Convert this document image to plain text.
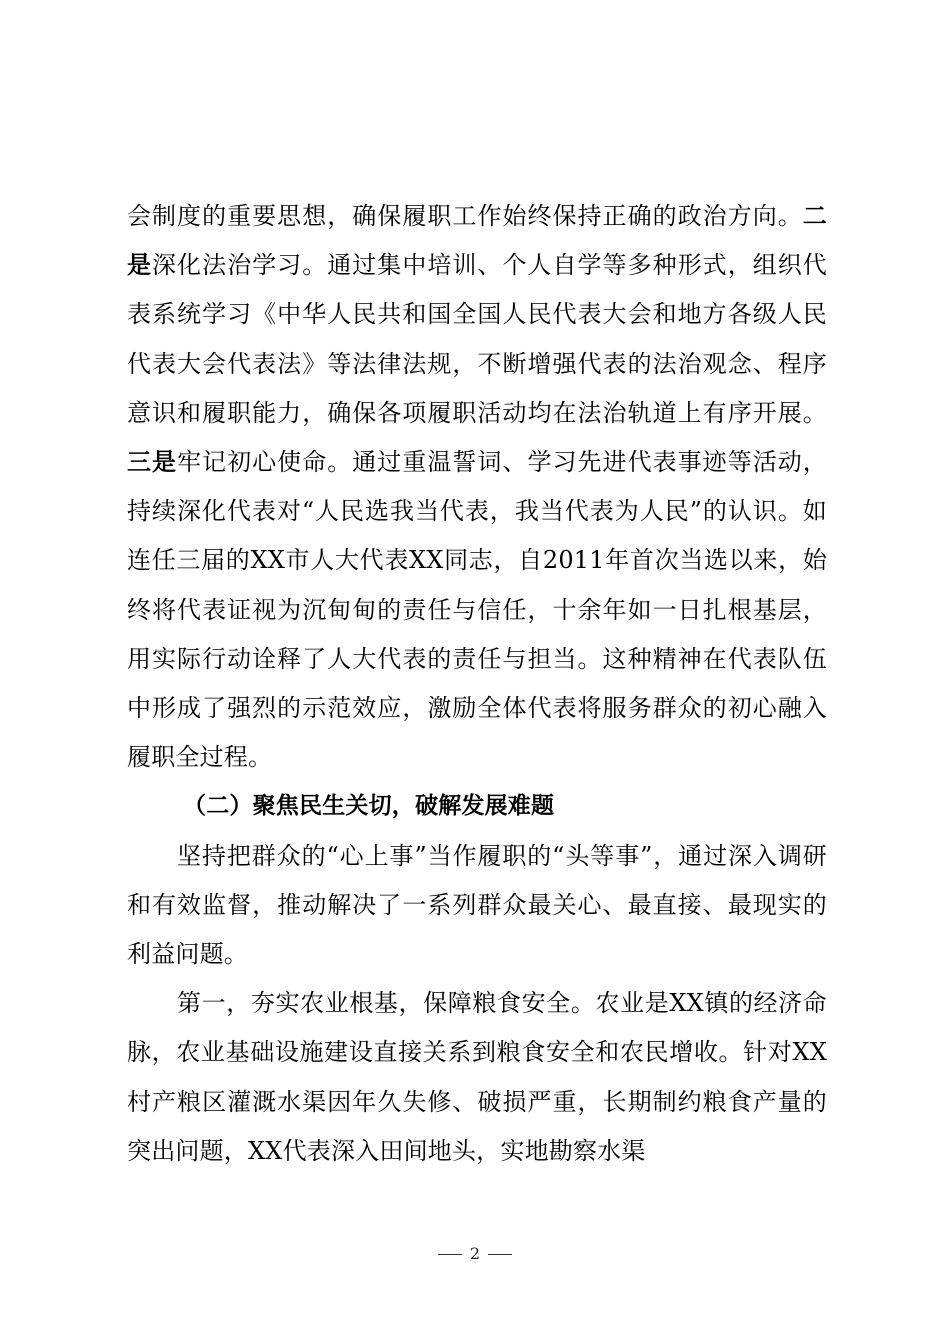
会制度的重要思想，确保履职工作始终保持正确的政治方向。二是深化法治学习。通过集中培训、个人自学等多种形式，组织代表系统学习《中华人民共和国全国人民代表大会和地方各级人民代表大会代表法》等法律法规，不断增强代表的法治观念、程序意识和履职能力，确保各项履职活动均在法治轨道上有序开展。三是牢记初心使命。通过重温誓词、学习先进代表事迹等活动，持续深化代表对“人民选我当代表，我当代表为人民”的认识。如连任三届的XX市人大代表XX同志，自2011年首次当选以来，始终将代表证视为沉甸甸的责任与信任，十余年如一日扎根基层，用实际行动诠释了人大代表的责任与担当。这种精神在代表队伍中形成了强烈的示范效应，激励全体代表将服务群众的初心融入履职全过程。

（二）聚焦民生关切，破解发展难题

坚持把群众的“心上事”当作履职的“头等事”，通过深入调研和有效监督，推动解决了一系列群众最关心、最直接、最现实的利益问题。

第一，夯实农业根基，保障粮食安全。农业是XX镇的经济命脉，农业基础设施建设直接关系到粮食安全和农民增收。针对XX村产粮区灌溉水渠因年久失修、破损严重，长期制约粮食产量的突出问题，XX代表深入田间地头，实地勘察水渠

2
